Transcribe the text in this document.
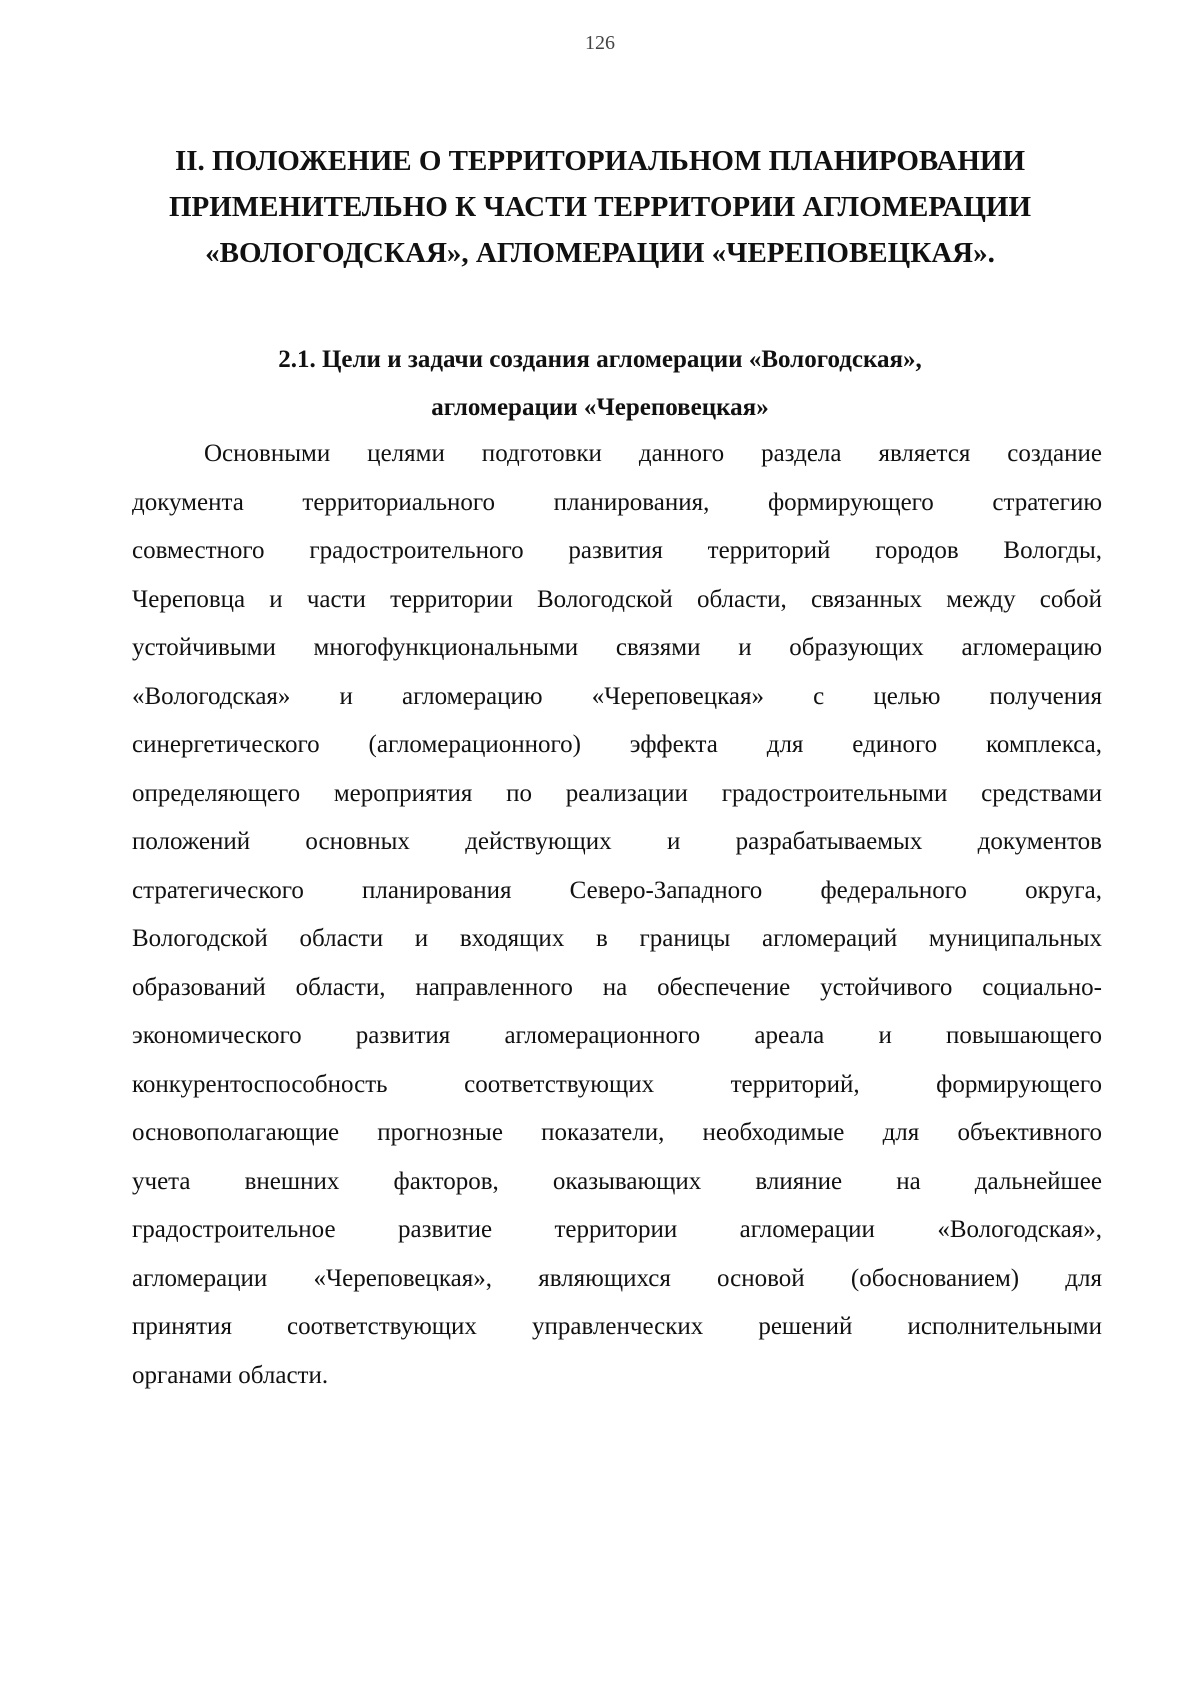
126
II. ПОЛОЖЕНИЕ О ТЕРРИТОРИАЛЬНОМ ПЛАНИРОВАНИИ
ПРИМЕНИТЕЛЬНО К ЧАСТИ ТЕРРИТОРИИ АГЛОМЕРАЦИИ
«ВОЛОГОДСКАЯ», АГЛОМЕРАЦИИ «ЧЕРЕПОВЕЦКАЯ».
2.1. Цели и задачи создания агломерации «Вологодская»,
агломерации «Череповецкая»
Основными целями подготовки данного раздела является создание
документа территориального планирования, формирующего стратегию
совместного градостроительного развития территорий городов Вологды,
Череповца и части территории Вологодской области, связанных между собой
устойчивыми многофункциональными связями и образующих агломерацию
«Вологодская» и агломерацию «Череповецкая» с целью получения
синергетического (агломерационного) эффекта для единого комплекса,
определяющего мероприятия по реализации градостроительными средствами
положений основных действующих и разрабатываемых документов
стратегического планирования Северо-Западного федерального округа,
Вологодской области и входящих в границы агломераций муниципальных
образований области, направленного на обеспечение устойчивого социально-
экономического развития агломерационного ареала и повышающего
конкурентоспособность соответствующих территорий, формирующего
основополагающие прогнозные показатели, необходимые для объективного
учета внешних факторов, оказывающих влияние на дальнейшее
градостроительное развитие территории агломерации «Вологодская»,
агломерации «Череповецкая», являющихся основой (обоснованием) для
принятия соответствующих управленческих решений исполнительными
органами области.
